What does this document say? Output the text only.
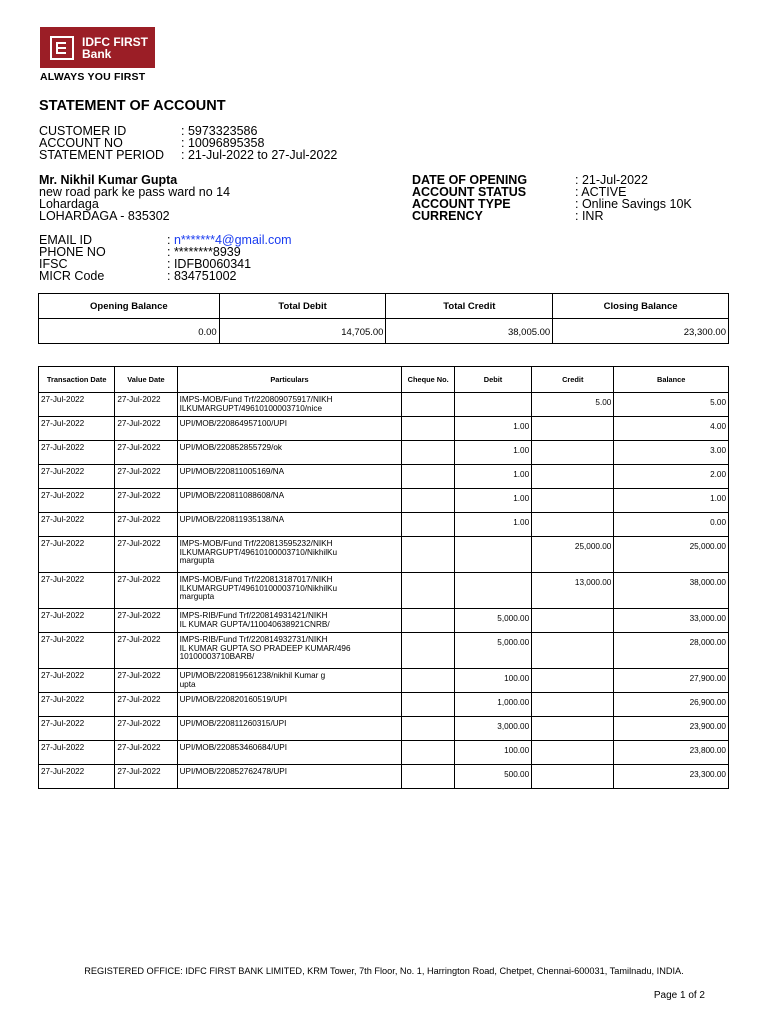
IDFC FIRST
Bank
ALWAYS YOU FIRST
STATEMENT OF ACCOUNT
CUSTOMER ID	: 5973323586
ACCOUNT NO	: 10096895358
STATEMENT PERIOD	: 21-Jul-2022 to 27-Jul-2022
Mr. Nikhil Kumar Gupta
new road park ke pass ward no 14
Lohardaga
LOHARDAGA - 835302
DATE OF OPENING	: 21-Jul-2022
ACCOUNT STATUS	: ACTIVE
ACCOUNT TYPE	: Online Savings 10K
CURRENCY	: INR
EMAIL ID	: n*******4@gmail.com
PHONE NO	: ********8939
IFSC	: IDFB0060341
MICR Code	: 834751002
Opening Balance	Total Debit	Total Credit	Closing Balance
0.00	14,705.00	38,005.00	23,300.00
Transaction Date	Value Date	Particulars	Cheque No.	Debit	Credit	Balance
27-Jul-2022	27-Jul-2022	IMPS-MOB/Fund Trf/220809075917/NIKH
ILKUMARGUPT/49610100003710/nice			5.00	5.00
27-Jul-2022	27-Jul-2022	UPI/MOB/220864957100/UPI		1.00		4.00
27-Jul-2022	27-Jul-2022	UPI/MOB/220852855729/ok		1.00		3.00
27-Jul-2022	27-Jul-2022	UPI/MOB/220811005169/NA		1.00		2.00
27-Jul-2022	27-Jul-2022	UPI/MOB/220811088608/NA		1.00		1.00
27-Jul-2022	27-Jul-2022	UPI/MOB/220811935138/NA		1.00		0.00
27-Jul-2022	27-Jul-2022	IMPS-MOB/Fund Trf/220813595232/NIKH
ILKUMARGUPT/49610100003710/NikhilKu
margupta			25,000.00	25,000.00
27-Jul-2022	27-Jul-2022	IMPS-MOB/Fund Trf/220813187017/NIKH
ILKUMARGUPT/49610100003710/NikhilKu
margupta			13,000.00	38,000.00
27-Jul-2022	27-Jul-2022	IMPS-RIB/Fund Trf/220814931421/NIKH
IL KUMAR GUPTA/110040638921CNRB/		5,000.00		33,000.00
27-Jul-2022	27-Jul-2022	IMPS-RIB/Fund Trf/220814932731/NIKH
IL KUMAR GUPTA SO PRADEEP KUMAR/496
10100003710BARB/		5,000.00		28,000.00
27-Jul-2022	27-Jul-2022	UPI/MOB/220819561238/nikhil Kumar g
upta		100.00		27,900.00
27-Jul-2022	27-Jul-2022	UPI/MOB/220820160519/UPI		1,000.00		26,900.00
27-Jul-2022	27-Jul-2022	UPI/MOB/220811260315/UPI		3,000.00		23,900.00
27-Jul-2022	27-Jul-2022	UPI/MOB/220853460684/UPI		100.00		23,800.00
27-Jul-2022	27-Jul-2022	UPI/MOB/220852762478/UPI		500.00		23,300.00
REGISTERED OFFICE: IDFC FIRST BANK LIMITED, KRM Tower, 7th Floor, No. 1, Harrington Road, Chetpet, Chennai-600031, Tamilnadu, INDIA.
Page 1 of 2
